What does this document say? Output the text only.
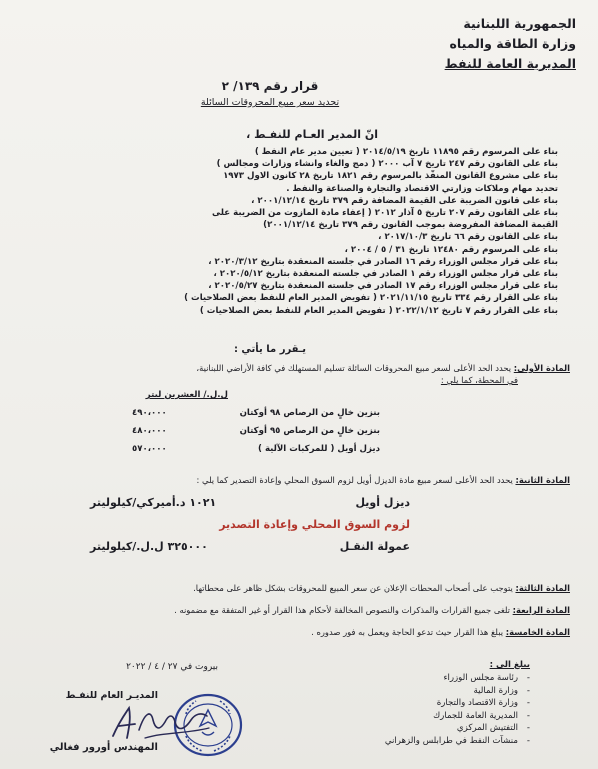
الجمهورية اللبنانية
وزارة الطاقة والمياه
المديرية العامة للنفط
قرار رقم ١٣٩/ ٢
تحديد سعر مبيع المحروقات السائلة
انّ المدير العـام للنفـط ،
بناء على المرسوم رقم ١١٨٩٥ تاريخ ٢٠١٤/٥/١٩ ( تعيين مدير عام النفط )
بناء على القانون رقم ٢٤٧ تاريخ ٧ آب ٢٠٠٠ ( دمج والغاء وانشاء وزارات ومجالس )
بناء على مشروع القانون المنفّذ بالمرسوم رقم ١٨٢١ تاريخ ٢٨ كانون الاول ١٩٧٣
تحديد مهام وملاكات وزارتي الاقتصاد والتجارة والصناعة والنفط .
بناء على قانون الضريبة على القيمة المضافة رقم ٣٧٩ تاريخ ٢٠٠١/١٢/١٤ ،
بناء على القانون رقم ٢٠٧ تاريخ ٥ آذار ٢٠١٢ ( إعفاء مادة المازوت من الضريبة على
القيمة المضافة المفروضة بموجب القانون رقم ٣٧٩ تاريخ ٢٠٠١/١٢/١٤)
بناء على القانون رقم ٦٦ تاريخ ٢٠١٧/١٠/٣ ،
بناء على المرسوم رقم ١٢٤٨٠ تاريخ ٣١ / ٥ / ٢٠٠٤ ،
بناء على قرار مجلس الوزراء رقم ١٦ الصادر في جلسته المنعقدة بتاريخ ٢٠٢٠/٣/١٢ ،
بناء على قرار مجلس الوزراء رقم ١ الصادر في جلسته المنعقدة بتاريخ ٢٠٢٠/٥/١٢ ،
بناء على قرار مجلس الوزراء رقم ١٧ الصادر في جلسته المنعقدة بتاريخ ٢٠٢٠/٥/٢٧ ،
بناء على القرار رقم ٣٣٤ تاريخ ٢٠٢١/١١/١٥ ( تفويض المدير العام للنفط بعض الصلاحيات )
بناء على القرار رقم ٧ تاريخ ٢٠٢٢/١/١٢ ( تفويض المدير العام للنفط بعض الصلاحيات )
يـقرر ما يأتي :
المادة الأولى: يحدد الحد الأعلى لسعر مبيع المحروقات السائلة تسليم المستهلك في كافة الأراضي اللبنانية،
في المحطة، كما يلي :
ل.ل./ العشرين ليتر
بنزين خالٍ من الرصاص ٩٨ أوكتان
٤٩٠،٠٠٠
بنزين خالٍ من الرصاص ٩٥ أوكتان
٤٨٠،٠٠٠
ديزل أويل ( للمركبات الآلية )
٥٧٠،٠٠٠
المادة الثانية: يحدد الحد الأعلى لسعر مبيع مادة الديزل أويل لزوم السوق المحلي وإعادة التصدير كما يلي :
ديزل أويل
١٠٢١ د.أميركي/كيلوليتر
لزوم السوق المحلي وإعادة التصدير
عمولة النقـل
٣٢٥٠٠٠ ل.ل./كيلوليتر
المادة الثالثة: يتوجب على أصحاب المحطات الإعلان عن سعر المبيع للمحروقات بشكل ظاهر على محطاتها.
المادة الرابعة: تلغى جميع القرارات والمذكرات والنصوص المخالفة لأحكام هذا القرار أو غير المتفقة مع مضمونه .
المادة الخامسة: يبلغ هذا القرار حيث تدعو الحاجة ويعمل به فور صدوره .
بيروت في ٢٧ / ٤ / ٢٠٢٢
المديـر العام للنفـط
المهندس أورور فغالي
يبلغ الى :
- رئاسة مجلس الوزراء
- وزارة المالية
- وزارة الاقتصاد والتجارة
- المديرية العامة للجمارك
- التفتيش المركزي
- منشآت النفط في طرابلس والزهراني
